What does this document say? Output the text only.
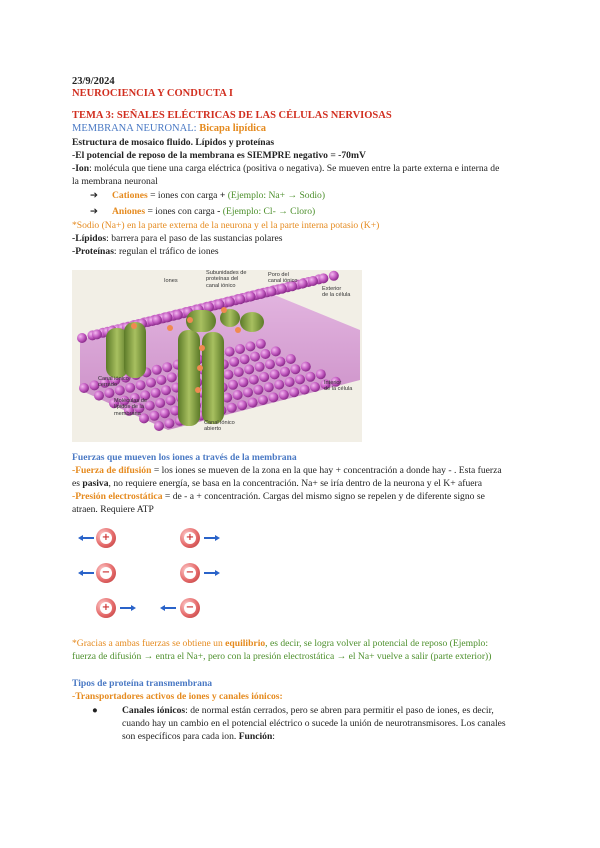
23/9/2024
NEUROCIENCIA Y CONDUCTA I
TEMA 3: SEÑALES ELÉCTRICAS DE LAS CÉLULAS NERVIOSAS
MEMBRANA NEURONAL: Bicapa lipídica
Estructura de mosaico fluido. Lípidos y proteínas
-El potencial de reposo de la membrana es SIEMPRE negativo = -70mV
-Ion: molécula que tiene una carga eléctrica (positiva o negativa). Se mueven entre la parte externa e interna de
la membrana neuronal
➔ Cationes = iones con carga + (Ejemplo: Na+ → Sodio)
➔ Aniones = iones con carga - (Ejemplo: Cl- → Cloro)
*Sodio (Na+) en la parte externa de la neurona y el la parte interna potasio (K+)
-Lípidos: barrera para el paso de las sustancias polares
-Proteínas: regulan el tráfico de iones
Iones
Subunidades de
proteínas del
canal iónico
Poro del
canal iónico
Exterior
de la célula
Canal iónico
cerrado
Moléculas de
lípidos de la
membrana
Interior
de la célula
Canal iónico
abierto
Fuerzas que mueven los iones a través de la membrana
-Fuerza de difusión = los iones se mueven de la zona en la que hay + concentración a donde hay - . Esta fuerza
es pasiva, no requiere energía, se basa en la concentración. Na+ se iría dentro de la neurona y el K+ afuera
-Presión electrostática = de - a + concentración. Cargas del mismo signo se repelen y de diferente signo se
atraen. Requiere ATP
+	+
−	−
+	−
*Gracias a ambas fuerzas se obtiene un equilibrio, es decir, se logra volver al potencial de reposo (Ejemplo:
fuerza de difusión → entra el Na+, pero con la presión electrostática → el Na+ vuelve a salir (parte exterior))
Tipos de proteína transmembrana
-Transportadores activos de iones y canales iónicos:
●	Canales iónicos: de normal están cerrados, pero se abren para permitir el paso de iones, es decir,
cuando hay un cambio en el potencial eléctrico o sucede la unión de neurotransmisores. Los canales
son específicos para cada ion. Función:
